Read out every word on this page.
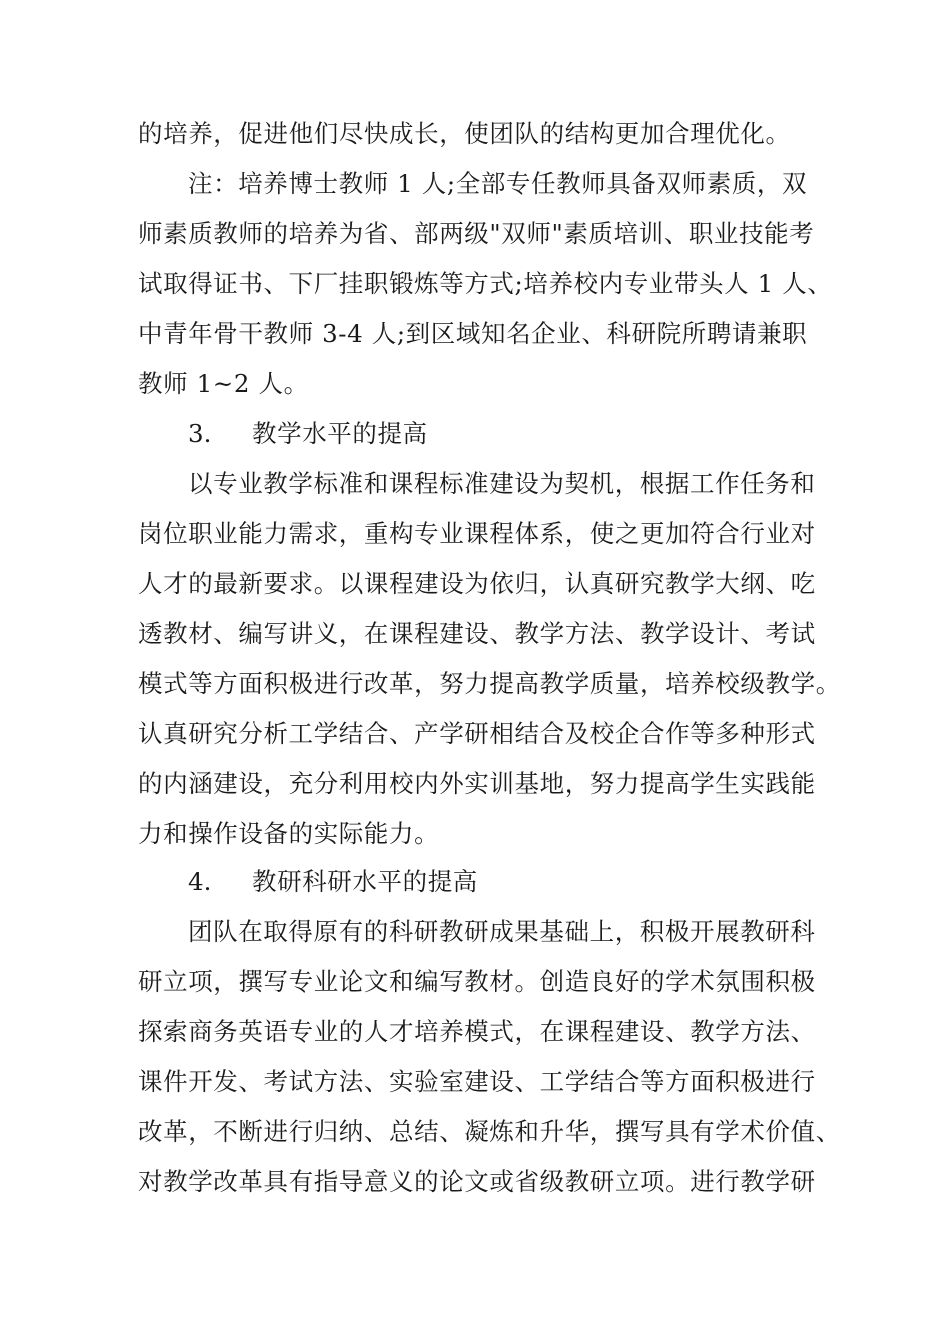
的培养，促进他们尽快成长，使团队的结构更加合理优化。
注：培养博士教师 1 人;全部专任教师具备双师素质，双
师素质教师的培养为省、部两级"双师"素质培训、职业技能考
试取得证书、下厂挂职锻炼等方式;培养校内专业带头人 1 人、
中青年骨干教师 3-4 人;到区域知名企业、科研院所聘请兼职
教师 1~2 人。
3. 教学水平的提高
以专业教学标准和课程标准建设为契机，根据工作任务和
岗位职业能力需求，重构专业课程体系，使之更加符合行业对
人才的最新要求。以课程建设为依归，认真研究教学大纲、吃
透教材、编写讲义，在课程建设、教学方法、教学设计、考试
模式等方面积极进行改革，努力提高教学质量，培养校级教学。
认真研究分析工学结合、产学研相结合及校企合作等多种形式
的内涵建设，充分利用校内外实训基地，努力提高学生实践能
力和操作设备的实际能力。
4. 教研科研水平的提高
团队在取得原有的科研教研成果基础上，积极开展教研科
研立项，撰写专业论文和编写教材。创造良好的学术氛围积极
探索商务英语专业的人才培养模式，在课程建设、教学方法、
课件开发、考试方法、实验室建设、工学结合等方面积极进行
改革，不断进行归纳、总结、凝炼和升华，撰写具有学术价值、
对教学改革具有指导意义的论文或省级教研立项。进行教学研
